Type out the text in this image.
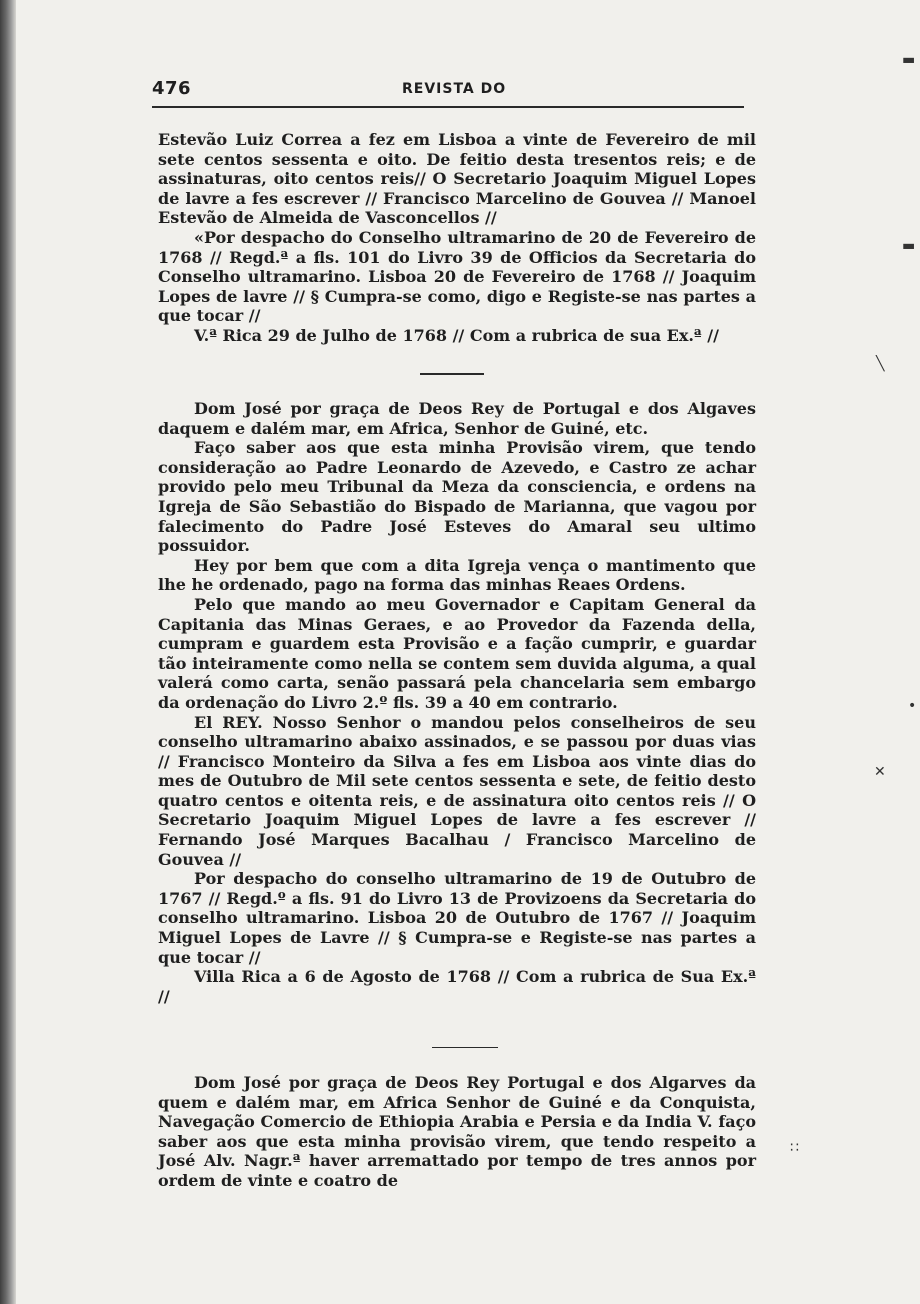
476	REVISTA DO

Estevão Luiz Correa a fez em Lisboa a vinte de Fevereiro de mil sete centos sessenta e oito. De feitio desta tresentos reis; e de assinaturas, oito centos reis// O Secretario Joaquim Miguel Lopes de lavre a fes escrever // Francisco Marcelino de Gouvea // Manoel Estevão de Almeida de Vasconcellos //

«Por despacho do Conselho ultramarino de 20 de Fevereiro de 1768 // Regd.ª a fls. 101 do Livro 39 de Officios da Secretaria do Conselho ultramarino. Lisboa 20 de Fevereiro de 1768 // Joaquim Lopes de lavre // § Cumpra-se como, digo e Registe-se nas partes a que tocar //

V.ª Rica 29 de Julho de 1768 // Com a rubrica de sua Ex.ª //

Dom José por graça de Deos Rey de Portugal e dos Algaves daquem e dalém mar, em Africa, Senhor de Guiné, etc.

Faço saber aos que esta minha Provisão virem, que tendo consideração ao Padre Leonardo de Azevedo, e Castro ze achar provido pelo meu Tribunal da Meza da consciencia, e ordens na Igreja de São Sebastião do Bispado de Marianna, que vagou por falecimento do Padre José Esteves do Amaral seu ultimo possuidor.

Hey por bem que com a dita Igreja vença o mantimento que lhe he ordenado, pago na forma das minhas Reaes Ordens.

Pelo que mando ao meu Governador e Capitam General da Capitania das Minas Geraes, e ao Provedor da Fazenda della, cumpram e guardem esta Provisão e a fação cumprir, e guardar tão inteiramente como nella se contem sem duvida alguma, a qual valerá como carta, senão passará pela chancelaria sem embargo da ordenação do Livro 2.º fls. 39 a 40 em contrario.

El REY. Nosso Senhor o mandou pelos conselheiros de seu conselho ultramarino abaixo assinados, e se passou por duas vias // Francisco Monteiro da Silva a fes em Lisboa aos vinte dias do mes de Outubro de Mil sete centos sessenta e sete, de feitio desto quatro centos e oitenta reis, e de assinatura oito centos reis // O Secretario Joaquim Miguel Lopes de lavre a fes escrever // Fernando José Marques Bacalhau / Francisco Marcelino de Gouvea //

Por despacho do conselho ultramarino de 19 de Outubro de 1767 // Regd.º a fls. 91 do Livro 13 de Provizoens da Secretaria do conselho ultramarino. Lisboa 20 de Outubro de 1767 // Joaquim Miguel Lopes de Lavre // § Cumpra-se e Registe-se nas partes a que tocar //

Villa Rica a 6 de Agosto de 1768 // Com a rubrica de Sua Ex.ª //

Dom José por graça de Deos Rey Portugal e dos Algarves da quem e dalém mar, em Africa Senhor de Guiné e da Conquista, Navegação Comercio de Ethiopia Arabia e Persia e da India V. faço saber aos que esta minha provisão virem, que tendo respeito a José Alv. Nagr.ª haver arremattado por tempo de tres annos por ordem de vinte e coatro de

▬
▬
╲
•
✕
∷
